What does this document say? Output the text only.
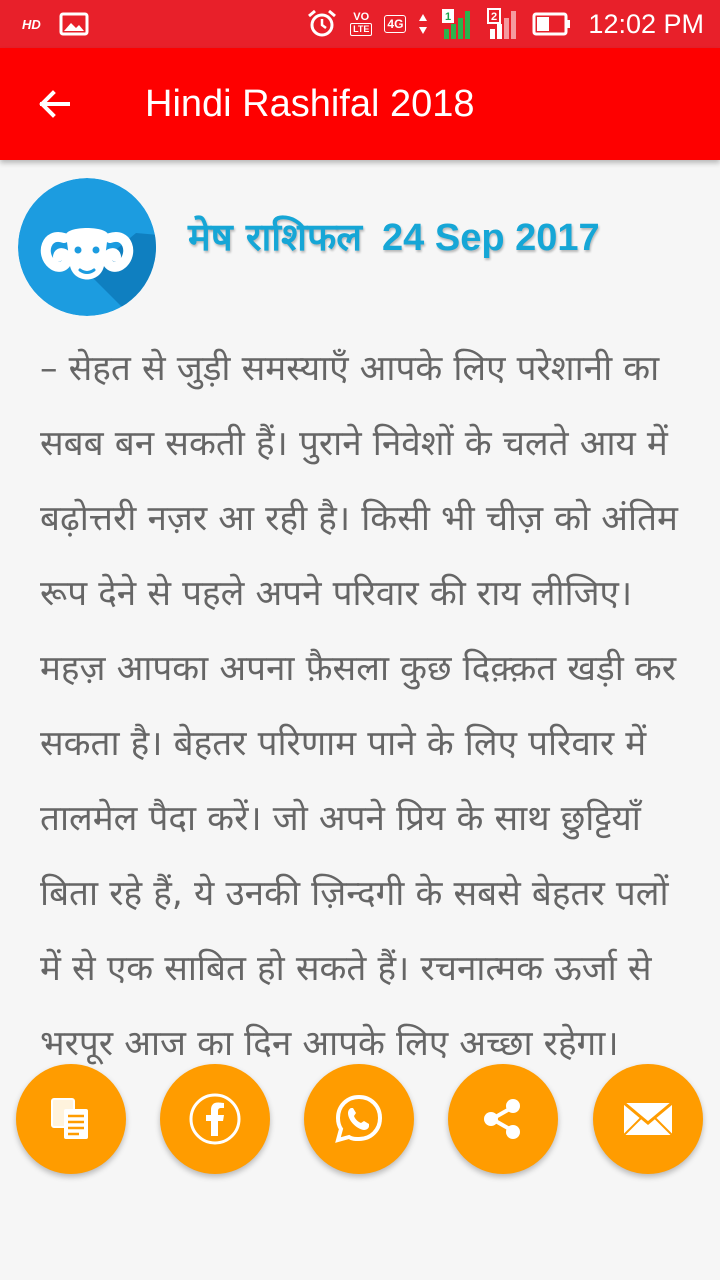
HD	VO
LTE 4G	1	2	12:02 PM
Hindi Rashifal 2018
मेष राशिफल 24 Sep 2017

– सेहत से जुड़ी समस्याएँ आपके लिए परेशानी का सबब बन सकती हैं। पुराने निवेशों के चलते आय में बढ़ोत्तरी नज़र आ रही है। किसी भी चीज़ को अंतिम रूप देने से पहले अपने परिवार की राय लीजिए। महज़ आपका अपना फ़ैसला कुछ दिक़्क़त खड़ी कर सकता है। बेहतर परिणाम पाने के लिए परिवार में तालमेल पैदा करें। जो अपने प्रिय के साथ छुट्टियाँ बिता रहे हैं, ये उनकी ज़िन्दगी के सबसे बेहतर पलों में से एक साबित हो सकते हैं। रचनात्मक ऊर्जा से भरपूर आज का दिन आपके लिए अच्छा रहेगा।
